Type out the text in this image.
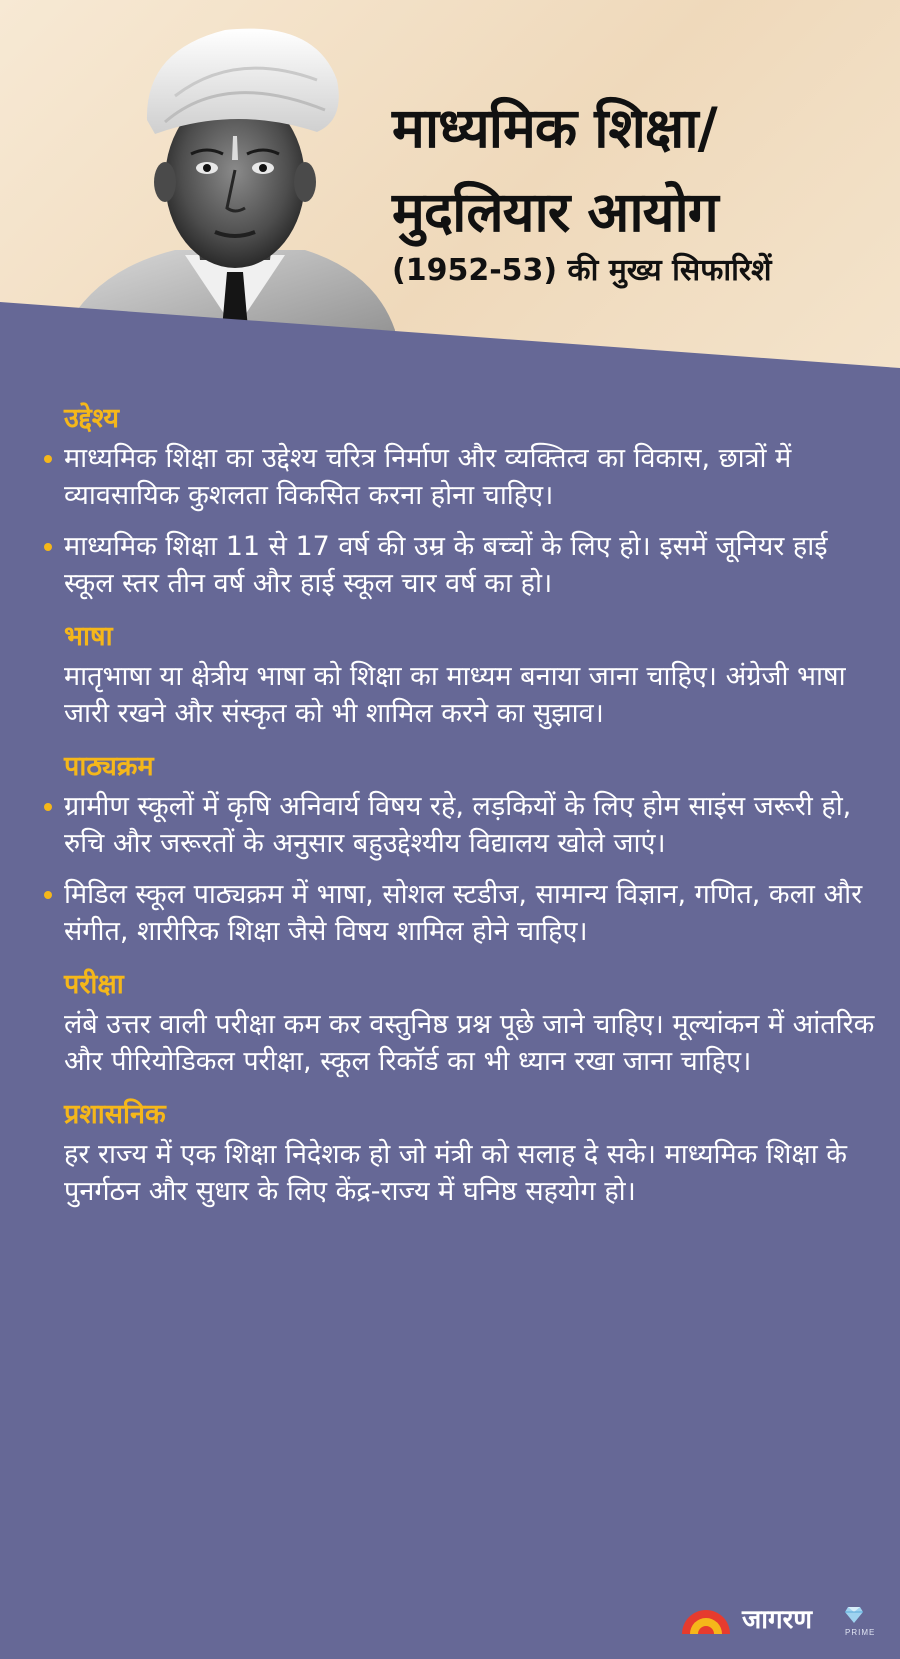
माध्यमिक शिक्षा/
मुदलियार आयोग
(1952-53) की मुख्य सिफारिशें
उद्देश्य
माध्यमिक शिक्षा का उद्देश्य चरित्र निर्माण और व्यक्तित्व का विकास, छात्रों में व्यावसायिक कुशलता विकसित करना होना चाहिए।
माध्यमिक शिक्षा 11 से 17 वर्ष की उम्र के बच्चों के लिए हो। इसमें जूनियर हाई स्कूल स्तर तीन वर्ष और हाई स्कूल चार वर्ष का हो।
भाषा
मातृभाषा या क्षेत्रीय भाषा को शिक्षा का माध्यम बनाया जाना चाहिए। अंग्रेजी भाषा जारी रखने और संस्कृत को भी शामिल करने का सुझाव।
पाठ्यक्रम
ग्रामीण स्कूलों में कृषि अनिवार्य विषय रहे, लड़कियों के लिए होम साइंस जरूरी हो, रुचि और जरूरतों के अनुसार बहुउद्देश्यीय विद्यालय खोले जाएं।
मिडिल स्कूल पाठ्यक्रम में भाषा, सोशल स्टडीज, सामान्य विज्ञान, गणित, कला और संगीत, शारीरिक शिक्षा जैसे विषय शामिल होने चाहिए।
परीक्षा
लंबे उत्तर वाली परीक्षा कम कर वस्तुनिष्ठ प्रश्न पूछे जाने चाहिए। मूल्यांकन में आंतरिक और पीरियोडिकल परीक्षा, स्कूल रिकॉर्ड का भी ध्यान रखा जाना चाहिए।
प्रशासनिक
हर राज्य में एक शिक्षा निदेशक हो जो मंत्री को सलाह दे सके। माध्यमिक शिक्षा के पुनर्गठन और सुधार के लिए केंद्र-राज्य में घनिष्ठ सहयोग हो।
जागरण	PRIME
